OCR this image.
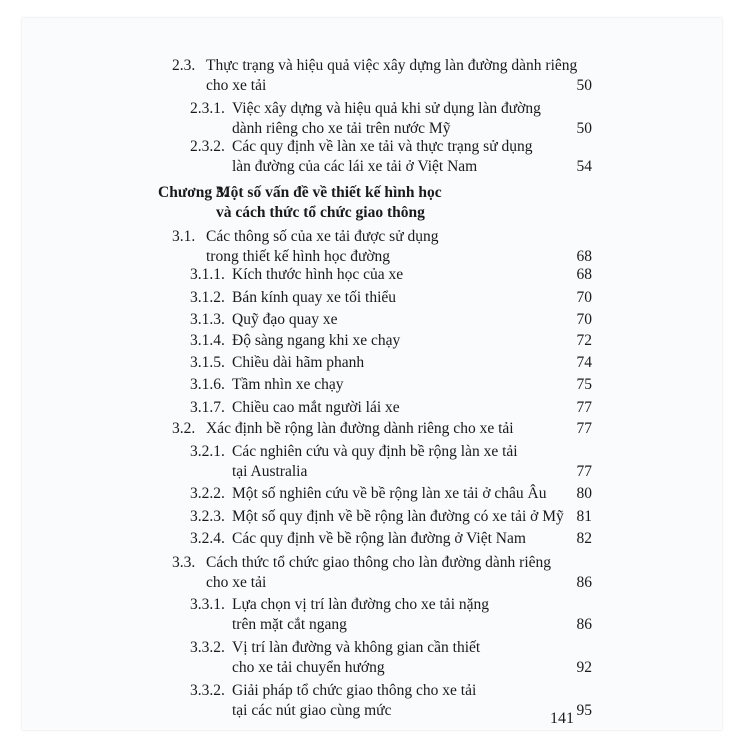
2.3. Thực trạng và hiệu quả việc xây dựng làn đường dành riêng
cho xe tải	50
2.3.1. Việc xây dựng và hiệu quả khi sử dụng làn đường
dành riêng cho xe tải trên nước Mỹ	50
2.3.2. Các quy định về làn xe tải và thực trạng sử dụng
làn đường của các lái xe tải ở Việt Nam	54
Chương 3.Một số vấn đề về thiết kế hình học
và cách thức tổ chức giao thông
3.1. Các thông số của xe tải được sử dụng
trong thiết kế hình học đường	68
3.1.1. Kích thước hình học của xe	68
3.1.2. Bán kính quay xe tối thiểu	70
3.1.3. Quỹ đạo quay xe	70
3.1.4. Độ sàng ngang khi xe chạy	72
3.1.5. Chiều dài hãm phanh	74
3.1.6. Tầm nhìn xe chạy	75
3.1.7. Chiều cao mắt người lái xe	77
3.2. Xác định bề rộng làn đường dành riêng cho xe tải	77
3.2.1. Các nghiên cứu và quy định bề rộng làn xe tải
tại Australia	77
3.2.2. Một số nghiên cứu về bề rộng làn xe tải ở châu Âu 80
3.2.3. Một số quy định về bề rộng làn đường có xe tải ở Mỹ 81
3.2.4. Các quy định về bề rộng làn đường ở Việt Nam	82
3.3. Cách thức tổ chức giao thông cho làn đường dành riêng
cho xe tải	86
3.3.1. Lựa chọn vị trí làn đường cho xe tải nặng
trên mặt cắt ngang	86
3.3.2. Vị trí làn đường và không gian cần thiết
cho xe tải chuyển hướng	92
3.3.2. Giải pháp tổ chức giao thông cho xe tải
tại các nút giao cùng mức	95
141
